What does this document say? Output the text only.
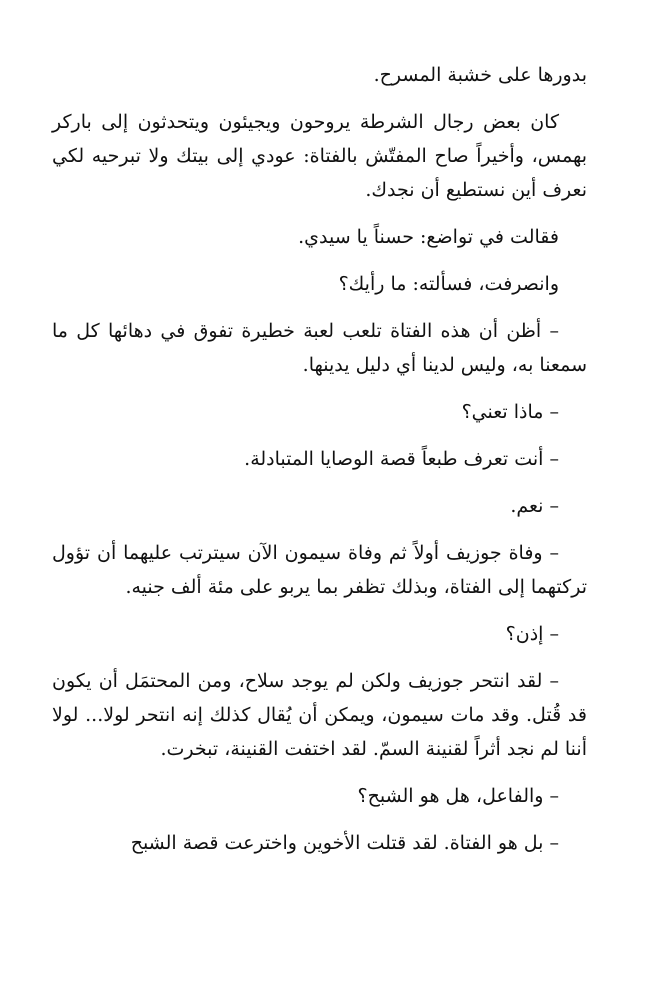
بدورها على خشبة المسرح.

كان بعض رجال الشرطة يروحون ويجيئون ويتحدثون إلى باركر بهمس، وأخيراً صاح المفتّش بالفتاة: عودي إلى بيتك ولا تبرحيه لكي نعرف أين نستطيع أن نجدك.

فقالت في تواضع: حسناً يا سيدي.

وانصرفت، فسألته: ما رأيك؟

– أظن أن هذه الفتاة تلعب لعبة خطيرة تفوق في دهائها كل ما سمعنا به، وليس لدينا أي دليل يدينها.

– ماذا تعني؟

– أنت تعرف طبعاً قصة الوصايا المتبادلة.

– نعم.

– وفاة جوزيف أولاً ثم وفاة سيمون الآن سيترتب عليهما أن تؤول تركتهما إلى الفتاة، وبذلك تظفر بما يربو على مئة ألف جنيه.

– إذن؟

– لقد انتحر جوزيف ولكن لم يوجد سلاح، ومن المحتمَل أن يكون قد قُتل. وقد مات سيمون، ويمكن أن يُقال كذلك إنه انتحر لولا... لولا أننا لم نجد أثراً لقنينة السمّ. لقد اختفت القنينة، تبخرت.

– والفاعل، هل هو الشبح؟

– بل هو الفتاة. لقد قتلت الأخوين واخترعت قصة الشبح
